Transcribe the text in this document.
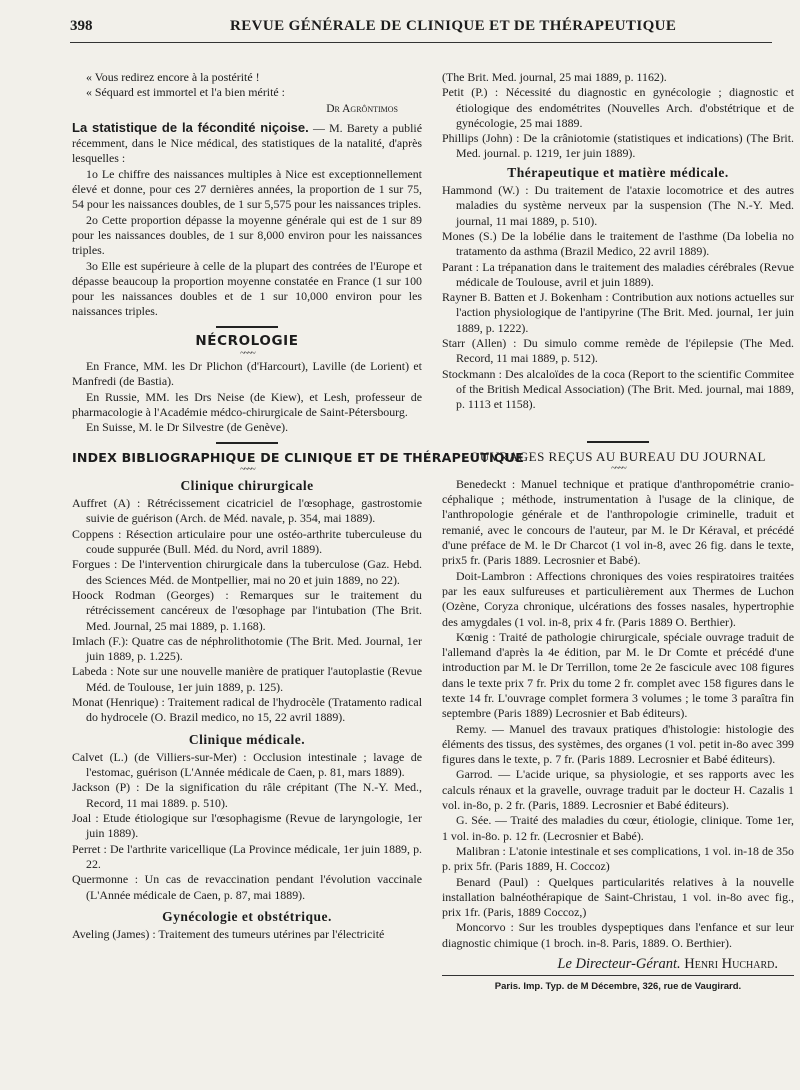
398	REVUE GÉNÉRALE DE CLINIQUE ET DE THÉRAPEUTIQUE

« Vous redirez encore à la postérité !

« Séquard est immortel et l'a bien mérité :

Dr Agrôntimos

La statistique de la fécondité niçoise. — M. Barety a publié récemment, dans le Nice médical, des statistiques de la natalité, d'après lesquelles :

1o Le chiffre des naissances multiples à Nice est exceptionnellement élevé et donne, pour ces 27 dernières années, la proportion de 1 sur 75, 54 pour les naissances doubles, de 1 sur 5,575 pour les naissances triples.

2o Cette proportion dépasse la moyenne générale qui est de 1 sur 89 pour les naissances doubles, de 1 sur 8,000 environ pour les naissances triples.

3o Elle est supérieure à celle de la plupart des contrées de l'Europe et dépasse beaucoup la proportion moyenne constatée en France (1 sur 100 pour les naissances doubles et de 1 sur 10,000 environ pour les naissances triples.

NÉCROLOGIE

~~~~

En France, MM. les Dr Plichon (d'Harcourt), Laville (de Lorient) et Manfredi (de Bastia).

En Russie, MM. les Drs Neise (de Kiew), et Lesh, professeur de pharmacologie à l'Académie médco-chirurgicale de Saint-Pétersbourg.

En Suisse, M. le Dr Silvestre (de Genève).

INDEX BIBLIOGRAPHIQUE DE CLINIQUE ET DE THÉRAPEUTIQUE

~~~~

Clinique chirurgicale

Auffret (A) : Rétrécissement cicatriciel de l'œsophage, gastrostomie suivie de guérison (Arch. de Méd. navale, p. 354, mai 1889).

Coppens : Résection articulaire pour une ostéo-arthrite tuberculeuse du coude suppurée (Bull. Méd. du Nord, avril 1889).

Forgues : De l'intervention chirurgicale dans la tuberculose (Gaz. Hebd. des Sciences Méd. de Montpellier, mai no 20 et juin 1889, no 22).

Hoock Rodman (Georges) : Remarques sur le traitement du rétrécissement cancéreux de l'œsophage par l'intubation (The Brit. Med. Journal, 25 mai 1889, p. 1.168).

Imlach (F.): Quatre cas de néphrolithotomie (The Brit. Med. Journal, 1er juin 1889, p. 1.225).

Labeda : Note sur une nouvelle manière de pratiquer l'autoplastie (Revue Méd. de Toulouse, 1er juin 1889, p. 125).

Monat (Henrique) : Traitement radical de l'hydrocèle (Tratamento radical do hydrocele (O. Brazil medico, no 15, 22 avril 1889).

Clinique médicale.

Calvet (L.) (de Villiers-sur-Mer) : Occlusion intestinale ; lavage de l'estomac, guérison (L'Année médicale de Caen, p. 81, mars 1889).

Jackson (P) : De la signification du râle crépitant (The N.-Y. Med., Record, 11 mai 1889. p. 510).

Joal : Etude étiologique sur l'œsophagisme (Revue de laryngologie, 1er juin 1889).

Perret : De l'arthrite varicellique (La Province médicale, 1er juin 1889, p. 22.

Quermonne : Un cas de revaccination pendant l'évolution vaccinale (L'Année médicale de Caen, p. 87, mai 1889).

Gynécologie et obstétrique.

Aveling (James) : Traitement des tumeurs utérines par l'électricité

(The Brit. Med. journal, 25 mai 1889, p. 1162).

Petit (P.) : Nécessité du diagnostic en gynécologie ; diagnostic et étiologique des endométrites (Nouvelles Arch. d'obstétrique et de gynécologie, 25 mai 1889.

Phillips (John) : De la crâniotomie (statistiques et indications) (The Brit. Med. journal. p. 1219, 1er juin 1889).

Thérapeutique et matière médicale.

Hammond (W.) : Du traitement de l'ataxie locomotrice et des autres maladies du système nerveux par la suspension (The N.-Y. Med. journal, 11 mai 1889, p. 510).

Mones (S.) De la lobélie dans le traitement de l'asthme (Da lobelia no tratamento da asthma (Brazil Medico, 22 avril 1889).

Parant : La trépanation dans le traitement des maladies cérébrales (Revue médicale de Toulouse, avril et juin 1889).

Rayner B. Batten et J. Bokenham : Contribution aux notions actuelles sur l'action physiologique de l'antipyrine (The Brit. Med. journal, 1er juin 1889, p. 1222).

Starr (Allen) : Du simulo comme remède de l'épilepsie (The Med. Record, 11 mai 1889, p. 512).

Stockmann : Des alcaloïdes de la coca (Report to the scientific Commitee of the British Medical Association) (The Brit. Med. journal, mai 1889, p. 1113 et 1158).

OUVRAGES REÇUS AU BUREAU DU JOURNAL

~~~~

Benedeckt : Manuel technique et pratique d'anthropométrie cranio-céphalique ; méthode, instrumentation à l'usage de la clinique, de l'anthropologie générale et de l'anthropologie criminelle, traduit et remanié, avec le concours de l'auteur, par M. le Dr Kéraval, et précédé d'une préface de M. le Dr Charcot (1 vol in-8, avec 26 fig. dans le texte, prix5 fr. (Paris 1889. Lecrosnier et Babé).

Doit-Lambron : Affections chroniques des voies respiratoires traitées par les eaux sulfureuses et particulièrement aux Thermes de Luchon (Ozène, Coryza chronique, ulcérations des fosses nasales, hypertrophie des amygdales (1 vol. in-8, prix 4 fr. (Paris 1889 O. Berthier).

Kœnig : Traité de pathologie chirurgicale, spéciale ouvrage traduit de l'allemand d'après la 4e édition, par M. le Dr Comte et précédé d'une introduction par M. le Dr Terrillon, tome 2e 2e fascicule avec 108 figures dans le texte prix 7 fr. Prix du tome 2 fr. complet avec 158 figures dans le texte 14 fr. L'ouvrage complet formera 3 volumes ; le tome 3 paraîtra fin septembre (Paris 1889) Lecrosnier et Bab éditeurs).

Remy. — Manuel des travaux pratiques d'histologie: histologie des éléments des tissus, des systèmes, des organes (1 vol. petit in-8o avec 399 figures dans le texte, p. 7 fr. (Paris 1889. Lecrosnier et Babé éditeurs).

Garrod. — L'acide urique, sa physiologie, et ses rapports avec les calculs rénaux et la gravelle, ouvrage traduit par le docteur H. Cazalis 1 vol. in-8o, p. 2 fr. (Paris, 1889. Lecrosnier et Babé éditeurs).

G. Sée. — Traité des maladies du cœur, étiologie, clinique. Tome 1er, 1 vol. in-8o. p. 12 fr. (Lecrosnier et Babé).

Malibran : L'atonie intestinale et ses complications, 1 vol. in-18 de 35o p. prix 5fr. (Paris 1889, H. Coccoz)

Benard (Paul) : Quelques particularités relatives à la nouvelle installation balnéothérapique de Saint-Christau, 1 vol. in-8o avec fig., prix 1fr. (Paris, 1889 Coccoz,)

Moncorvo : Sur les troubles dyspeptiques dans l'enfance et sur leur diagnostic chimique (1 broch. in-8. Paris, 1889. O. Berthier).

Le Directeur-Gérant. Henri Huchard.

Paris. Imp. Typ. de M Décembre, 326, rue de Vaugirard.
